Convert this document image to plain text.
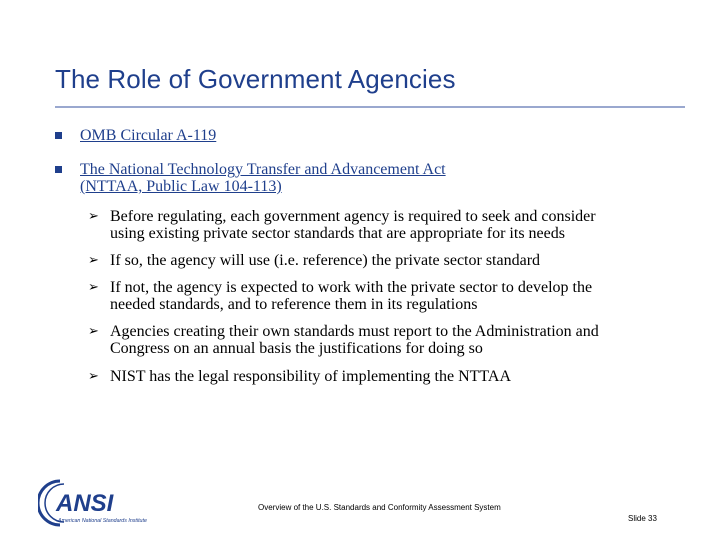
The Role of Government Agencies
OMB Circular A-119
The National Technology Transfer and Advancement Act
(NTTAA, Public Law 104-113)
➢ Before regulating, each government agency is required to seek and consider
using existing private sector standards that are appropriate for its needs
➢ If so, the agency will use (i.e. reference) the private sector standard
➢ If not, the agency is expected to work with the private sector to develop the
needed standards, and to reference them in its regulations
➢ Agencies creating their own standards must report to the Administration and
Congress on an annual basis the justifications for doing so
➢ NIST has the legal responsibility of implementing the NTTAA
ANSI
American National Standards Institute
Overview of the U.S. Standards and Conformity Assessment System
Slide 33
